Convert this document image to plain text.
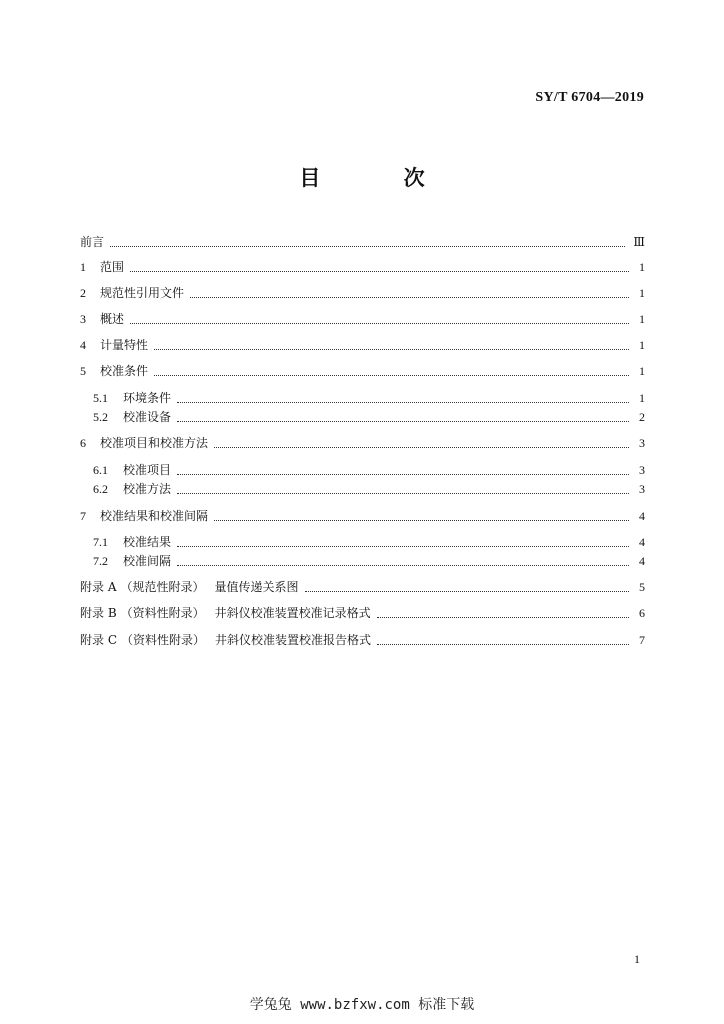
SY/T 6704—2019
目 次
前言	Ⅲ
1	范围	1
2	规范性引用文件	1
3	概述	1
4	计量特性	1
5	校准条件	1
5.1	环境条件	1
5.2	校准设备	2
6	校准项目和校准方法	3
6.1	校准项目	3
6.2	校准方法	3
7	校准结果和校准间隔	4
7.1	校准结果	4
7.2	校准间隔	4
附录 A （规范性附录） 量值传递关系图	5
附录 B （资料性附录） 井斜仪校准装置校准记录格式	6
附录 C （资料性附录） 井斜仪校准装置校准报告格式	7
1
学兔兔 www.bzfxw.com 标准下载
